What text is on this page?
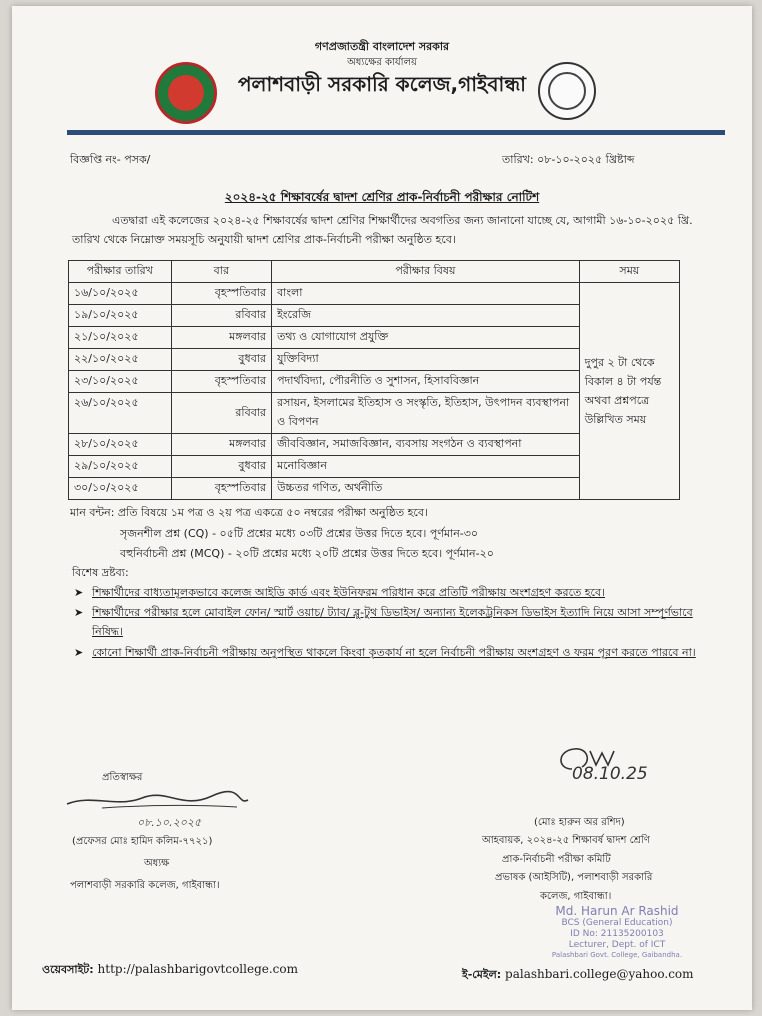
গণপ্রজাতন্ত্রী বাংলাদেশ সরকার
অধ্যক্ষের কার্যালয়
পলাশবাড়ী সরকারি কলেজ,গাইবান্ধা
বিজ্ঞপ্তি নং- পসক/	তারিখ: ০৮-১০-২০২৫ খ্রিষ্টাব্দ
২০২৪-২৫ শিক্ষাবর্ষের দ্বাদশ শ্রেণির প্রাক-নির্বাচনী পরীক্ষার নোটিশ
এতদ্বারা এই কলেজের ২০২৪-২৫ শিক্ষাবর্ষের দ্বাদশ শ্রেণির শিক্ষার্থীদের অবগতির জন্য জানানো যাচ্ছে যে, আগামী ১৬-১০-২০২৫ খ্রি. তারিখ থেকে নিম্নোক্ত সময়সূচি অনুযায়ী দ্বাদশ শ্রেণির প্রাক-নির্বাচনী পরীক্ষা অনুষ্ঠিত হবে।
পরীক্ষার তারিখ	বার	পরীক্ষার বিষয়	সময়
১৬/১০/২০২৫	বৃহস্পতিবার	বাংলা	দুপুর ২ টা থেকে বিকাল ৪ টা পর্যন্ত অথবা প্রশ্নপত্রে উল্লিখিত সময়
১৯/১০/২০২৫	রবিবার	ইংরেজি	
২১/১০/২০২৫	মঙ্গলবার	তথ্য ও যোগাযোগ প্রযুক্তি	
২২/১০/২০২৫	বুধবার	যুক্তিবিদ্যা	
২৩/১০/২০২৫	বৃহস্পতিবার	পদার্থবিদ্যা, পৌরনীতি ও সুশাসন, হিসাববিজ্ঞান	
২৬/১০/২০২৫	রবিবার	রসায়ন, ইসলামের ইতিহাস ও সংস্কৃতি, ইতিহাস, উৎপাদন ব্যবস্থাপনা ও বিপণন	
২৮/১০/২০২৫	মঙ্গলবার	জীববিজ্ঞান, সমাজবিজ্ঞান, ব্যবসায় সংগঠন ও ব্যবস্থাপনা	
২৯/১০/২০২৫	বুধবার	মনোবিজ্ঞান	
৩০/১০/২০২৫	বৃহস্পতিবার	উচ্চতর গণিত, অর্থনীতি	
মান বন্টন: প্রতি বিষয়ে ১ম পত্র ও ২য় পত্র একত্রে ৫০ নম্বরের পরীক্ষা অনুষ্ঠিত হবে।
সৃজনশীল প্রশ্ন (CQ) - ০৫টি প্রশ্নের মধ্যে ০৩টি প্রশ্নের উত্তর দিতে হবে। পূর্ণমান-৩০
বহুনির্বাচনী প্রশ্ন (MCQ) - ২০টি প্রশ্নের মধ্যে ২০টি প্রশ্নের উত্তর দিতে হবে। পূর্ণমান-২০
বিশেষ দ্রষ্টব্য:
➤ শিক্ষার্থীদের বাধ্যতামূলকভাবে কলেজ আইডি কার্ড এবং ইউনিফরম পরিধান করে প্রতিটি পরীক্ষায় অংশগ্রহণ করতে হবে।
➤ শিক্ষার্থীদের পরীক্ষার হলে মোবাইল ফোন/ স্মার্ট ওয়াচ/ ট্যাব/ ব্লু-টুথ ডিভাইস/ অন্যান্য ইলেকট্রনিকস ডিভাইস ইত্যাদি নিয়ে আসা সম্পূর্ণভাবে নিষিদ্ধ।
➤ কোনো শিক্ষার্থী প্রাক-নির্বাচনী পরীক্ষায় অনুপস্থিত থাকলে কিংবা কৃতকার্য না হলে নির্বাচনী পরীক্ষায় অংশগ্রহণ ও ফরম পূরণ করতে পারবে না।
প্রতিস্বাক্ষর
০৮.১০.২০২৫
(প্রফেসর মোঃ হামিদ কলিম-৭৭২১)
অধ্যক্ষ
পলাশবাড়ী সরকারি কলেজ, গাইবান্ধা।
08.10.25
(মোঃ হারুন অর রশিদ)
আহবায়ক, ২০২৪-২৫ শিক্ষাবর্ষ দ্বাদশ শ্রেণি
প্রাক-নির্বাচনী পরীক্ষা কমিটি
প্রভাষক (আইসিটি), পলাশবাড়ী সরকারি
কলেজ, গাইবান্ধা।
Md. Harun Ar Rashid
BCS (General Education)
ID No: 21135200103
Lecturer, Dept. of ICT
Palashbari Govt. College, Gaibandha.
ওয়েবসাইট: http://palashbarigovtcollege.com	ই-মেইল: palashbari.college@yahoo.com
